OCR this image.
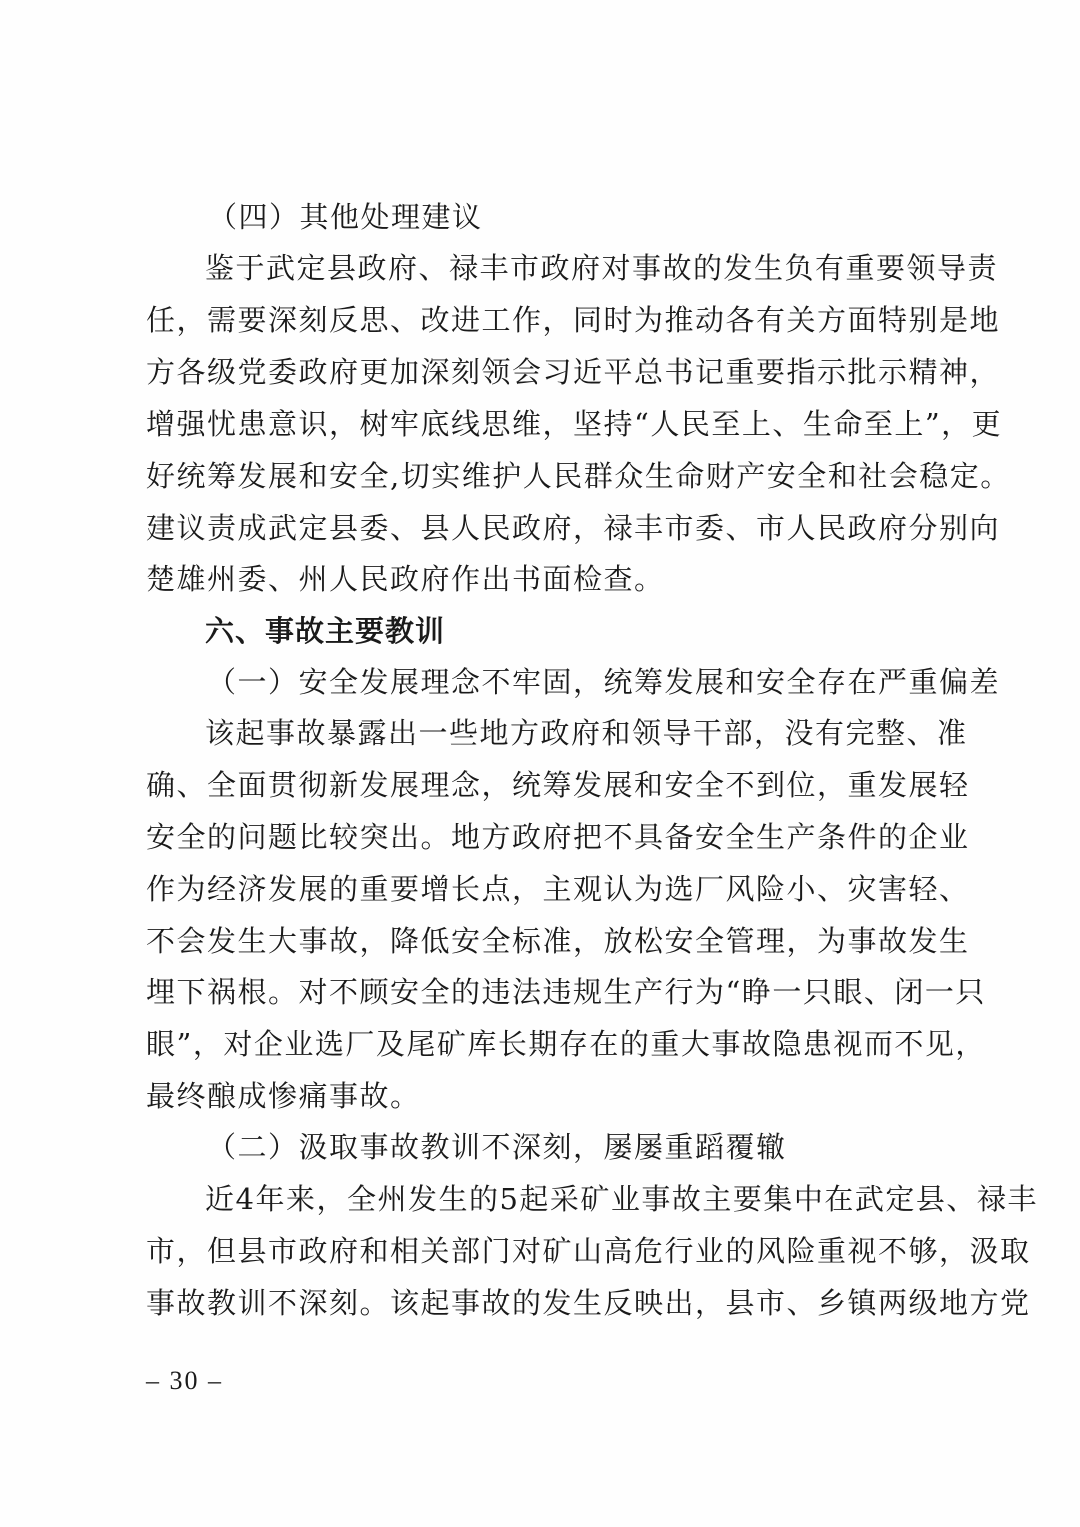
（四）其他处理建议
鉴于武定县政府、禄丰市政府对事故的发生负有重要领导责
任，需要深刻反思、改进工作，同时为推动各有关方面特别是地
方各级党委政府更加深刻领会习近平总书记重要指示批示精神，
增强忧患意识，树牢底线思维，坚持“人民至上、生命至上”，更
好统筹发展和安全,切实维护人民群众生命财产安全和社会稳定。
建议责成武定县委、县人民政府，禄丰市委、市人民政府分别向
楚雄州委、州人民政府作出书面检查。
六、事故主要教训
（一）安全发展理念不牢固，统筹发展和安全存在严重偏差
该起事故暴露出一些地方政府和领导干部，没有完整、准
确、全面贯彻新发展理念，统筹发展和安全不到位，重发展轻
安全的问题比较突出。地方政府把不具备安全生产条件的企业
作为经济发展的重要增长点，主观认为选厂风险小、灾害轻、
不会发生大事故，降低安全标准，放松安全管理，为事故发生
埋下祸根。对不顾安全的违法违规生产行为“睁一只眼、闭一只
眼”，对企业选厂及尾矿库长期存在的重大事故隐患视而不见，
最终酿成惨痛事故。
（二）汲取事故教训不深刻，屡屡重蹈覆辙
近4年来，全州发生的5起采矿业事故主要集中在武定县、禄丰
市，但县市政府和相关部门对矿山高危行业的风险重视不够，汲取
事故教训不深刻。该起事故的发生反映出，县市、乡镇两级地方党
– 30 –
